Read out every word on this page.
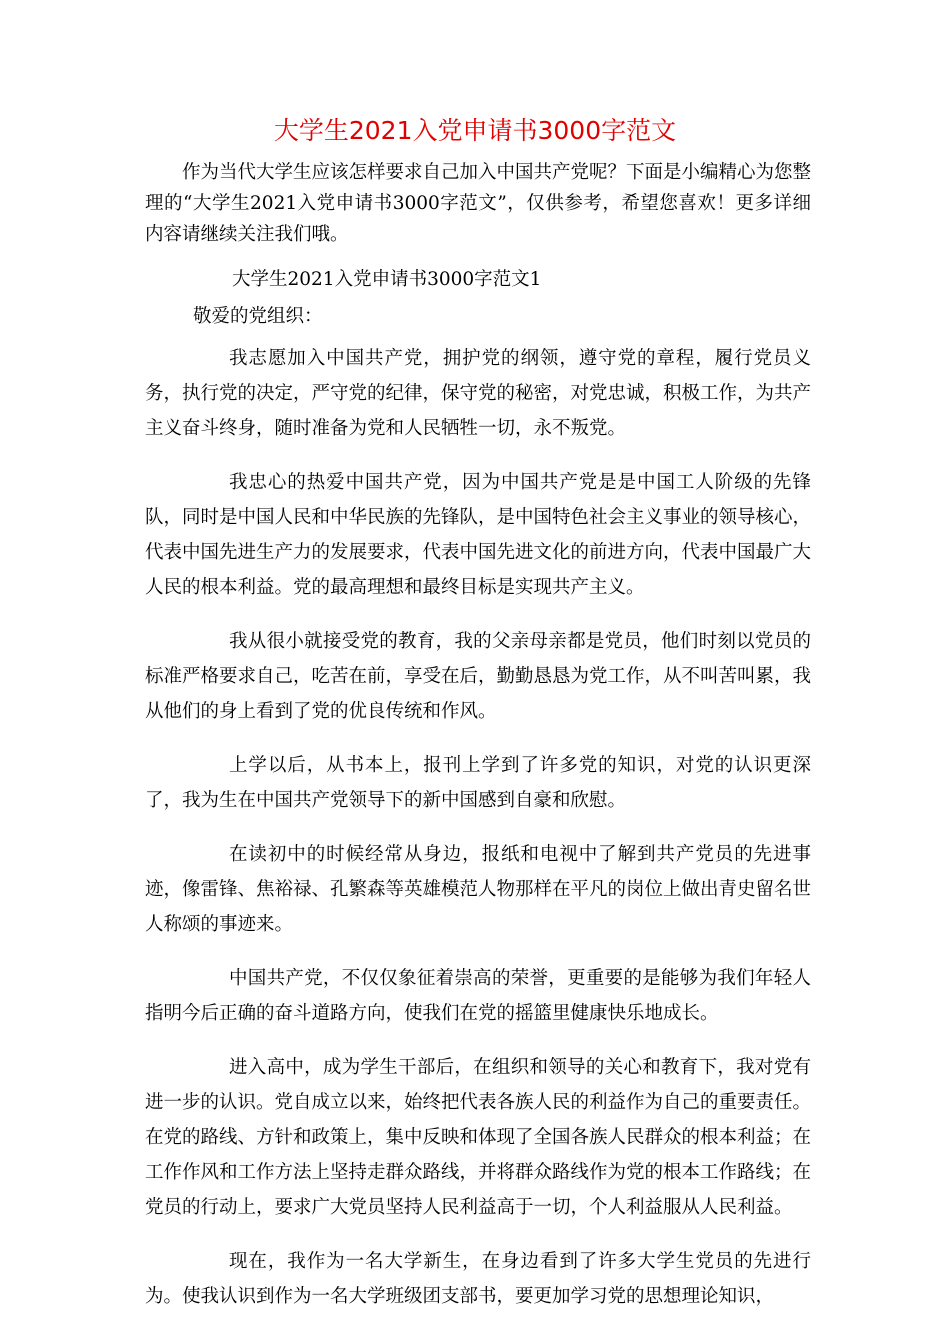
大学生2021入党申请书3000字范文
作为当代大学生应该怎样要求自己加入中国共产党呢？下面是小编精心为您整理的“大学生2021入党申请书3000字范文”，仅供参考，希望您喜欢！更多详细内容请继续关注我们哦。
大学生2021入党申请书3000字范文1
敬爱的党组织：

我志愿加入中国共产党，拥护党的纲领，遵守党的章程，履行党员义务，执行党的决定，严守党的纪律，保守党的秘密，对党忠诚，积极工作，为共产主义奋斗终身，随时准备为党和人民牺牲一切，永不叛党。

我忠心的热爱中国共产党，因为中国共产党是是中国工人阶级的先锋队，同时是中国人民和中华民族的先锋队，是中国特色社会主义事业的领导核心，代表中国先进生产力的发展要求，代表中国先进文化的前进方向，代表中国最广大人民的根本利益。党的最高理想和最终目标是实现共产主义。

我从很小就接受党的教育，我的父亲母亲都是党员，他们时刻以党员的标准严格要求自己，吃苦在前，享受在后，勤勤恳恳为党工作，从不叫苦叫累，我从他们的身上看到了党的优良传统和作风。

上学以后，从书本上，报刊上学到了许多党的知识，对党的认识更深了，我为生在中国共产党领导下的新中国感到自豪和欣慰。

在读初中的时候经常从身边，报纸和电视中了解到共产党员的先进事迹，像雷锋、焦裕禄、孔繁森等英雄模范人物那样在平凡的岗位上做出青史留名世人称颂的事迹来。

中国共产党，不仅仅象征着崇高的荣誉，更重要的是能够为我们年轻人指明今后正确的奋斗道路方向，使我们在党的摇篮里健康快乐地成长。

进入高中，成为学生干部后，在组织和领导的关心和教育下，我对党有进一步的认识。党自成立以来，始终把代表各族人民的利益作为自己的重要责任。在党的路线、方针和政策上，集中反映和体现了全国各族人民群众的根本利益；在工作作风和工作方法上坚持走群众路线，并将群众路线作为党的根本工作路线；在党员的行动上，要求广大党员坚持人民利益高于一切，个人利益服从人民利益。

现在，我作为一名大学新生，在身边看到了许多大学生党员的先进行为。使我认识到作为一名大学班级团支部书，要更加学习党的思想理论知识，
